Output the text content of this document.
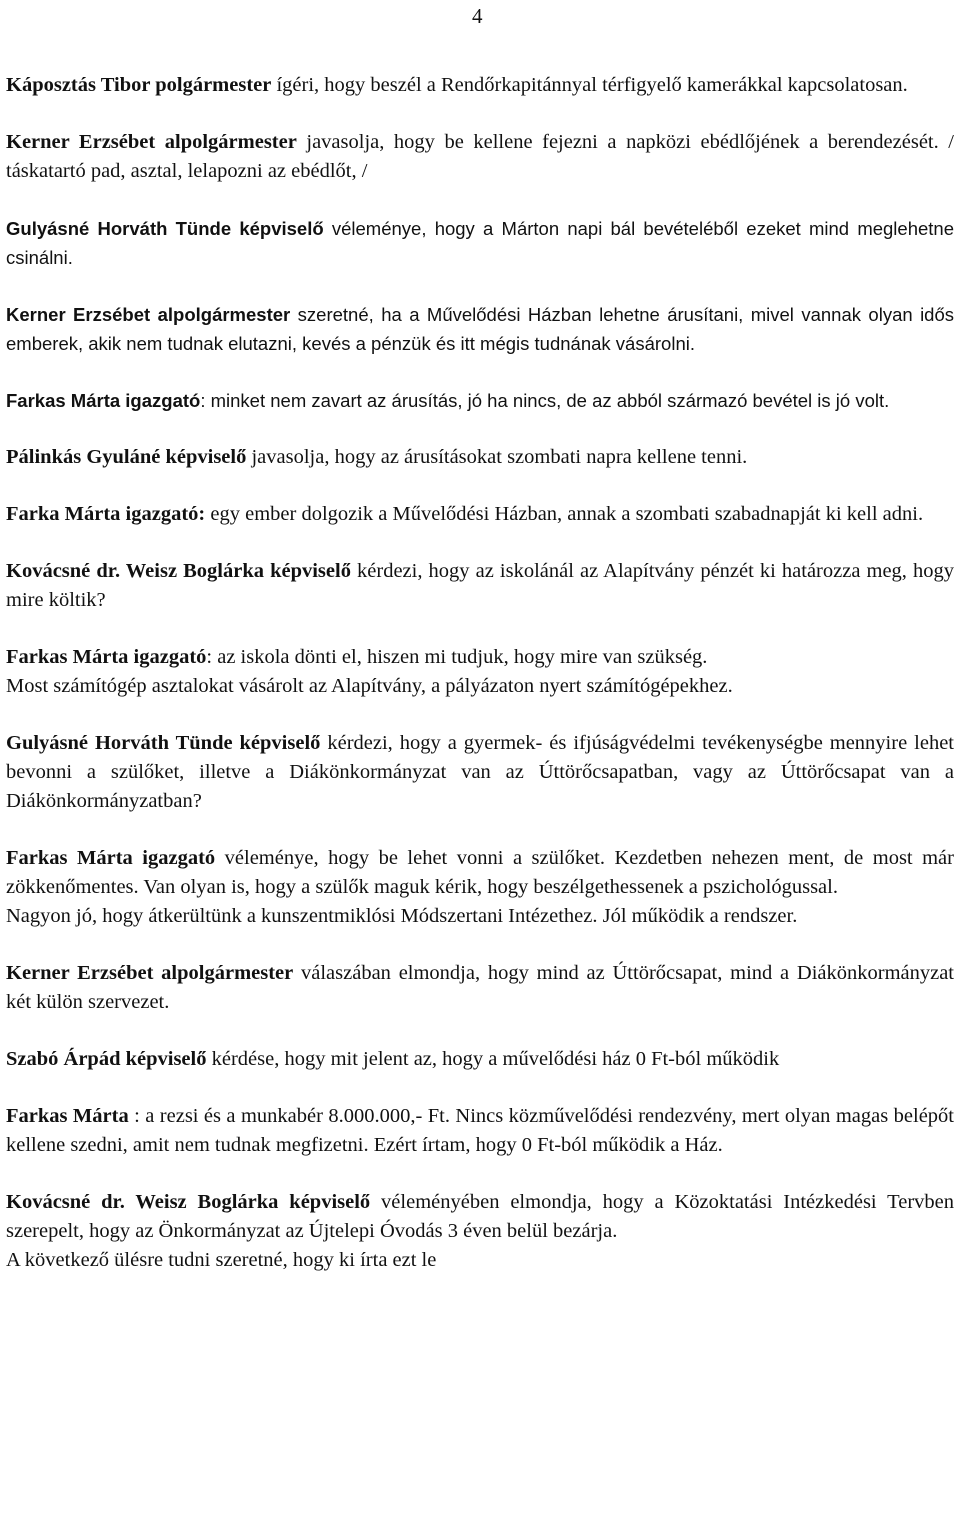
4

Káposztás Tibor polgármester ígéri, hogy beszél a Rendőrkapitánnyal térfigyelő kamerákkal kapcsolatosan.

Kerner Erzsébet alpolgármester javasolja, hogy be kellene fejezni a napközi ebédlőjének a berendezését. / táskatartó pad, asztal, lelapozni az ebédlőt, /

Gulyásné Horváth Tünde képviselő véleménye, hogy a Márton napi bál bevételéből ezeket mind meglehetne csinálni.

Kerner Erzsébet alpolgármester szeretné, ha a Művelődési Házban lehetne árusítani, mivel vannak olyan idős emberek, akik nem tudnak elutazni, kevés a pénzük és itt mégis tudnának vásárolni.

Farkas Márta igazgató: minket nem zavart az árusítás, jó ha nincs, de az abból származó bevétel is jó volt.

Pálinkás Gyuláné képviselő javasolja, hogy az árusításokat szombati napra kellene tenni.

Farka Márta igazgató: egy ember dolgozik a Művelődési Házban, annak a szombati szabadnapját ki kell adni.

Kovácsné dr. Weisz Boglárka képviselő kérdezi, hogy az iskolánál az Alapítvány pénzét ki határozza meg, hogy mire költik?

Farkas Márta igazgató: az iskola dönti el, hiszen mi tudjuk, hogy mire van szükség.

Most számítógép asztalokat vásárolt az Alapítvány, a pályázaton nyert számítógépekhez.

Gulyásné Horváth Tünde képviselő kérdezi, hogy a gyermek- és ifjúságvédelmi tevékenységbe mennyire lehet bevonni a szülőket, illetve a Diákönkormányzat van az Úttörőcsapatban, vagy az Úttörőcsapat van a Diákönkormányzatban?

Farkas Márta igazgató véleménye, hogy be lehet vonni a szülőket. Kezdetben nehezen ment, de most már zökkenőmentes. Van olyan is, hogy a szülők maguk kérik, hogy beszélgethessenek a pszichológussal.

Nagyon jó, hogy átkerültünk a kunszentmiklósi Módszertani Intézethez. Jól működik a rendszer.

Kerner Erzsébet alpolgármester válaszában elmondja, hogy mind az Úttörőcsapat, mind a Diákönkormányzat két külön szervezet.

Szabó Árpád képviselő kérdése, hogy mit jelent az, hogy a művelődési ház 0 Ft-ból működik

Farkas Márta : a rezsi és a munkabér 8.000.000,- Ft. Nincs közművelődési rendezvény, mert olyan magas belépőt kellene szedni, amit nem tudnak megfizetni. Ezért írtam, hogy 0 Ft-ból működik a Ház.

Kovácsné dr. Weisz Boglárka képviselő véleményében elmondja, hogy a Közoktatási Intézkedési Tervben szerepelt, hogy az Önkormányzat az Újtelepi Óvodás 3 éven belül bezárja.

A következő ülésre tudni szeretné, hogy ki írta ezt le
